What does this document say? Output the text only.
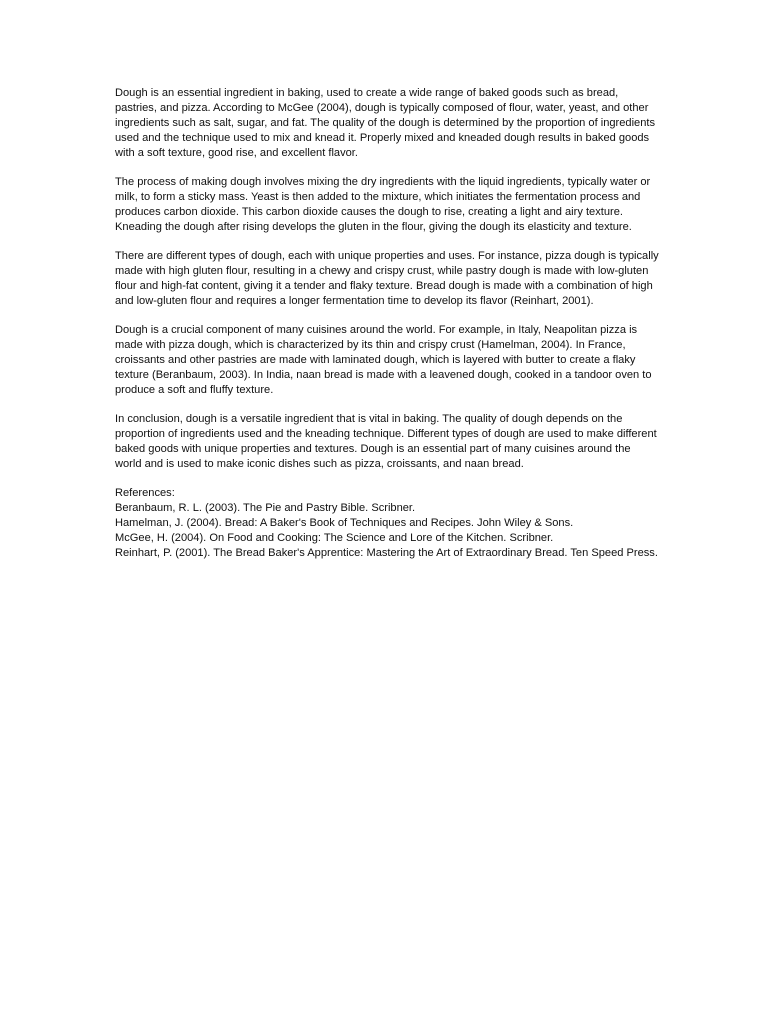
Dough is an essential ingredient in baking, used to create a wide range of baked goods such as bread, pastries, and pizza. According to McGee (2004), dough is typically composed of flour, water, yeast, and other ingredients such as salt, sugar, and fat. The quality of the dough is determined by the proportion of ingredients used and the technique used to mix and knead it. Properly mixed and kneaded dough results in baked goods with a soft texture, good rise, and excellent flavor.

The process of making dough involves mixing the dry ingredients with the liquid ingredients, typically water or milk, to form a sticky mass. Yeast is then added to the mixture, which initiates the fermentation process and produces carbon dioxide. This carbon dioxide causes the dough to rise, creating a light and airy texture. Kneading the dough after rising develops the gluten in the flour, giving the dough its elasticity and texture.

There are different types of dough, each with unique properties and uses. For instance, pizza dough is typically made with high gluten flour, resulting in a chewy and crispy crust, while pastry dough is made with low-gluten flour and high-fat content, giving it a tender and flaky texture. Bread dough is made with a combination of high and low-gluten flour and requires a longer fermentation time to develop its flavor (Reinhart, 2001).

Dough is a crucial component of many cuisines around the world. For example, in Italy, Neapolitan pizza is made with pizza dough, which is characterized by its thin and crispy crust (Hamelman, 2004). In France, croissants and other pastries are made with laminated dough, which is layered with butter to create a flaky texture (Beranbaum, 2003). In India, naan bread is made with a leavened dough, cooked in a tandoor oven to produce a soft and fluffy texture.

In conclusion, dough is a versatile ingredient that is vital in baking. The quality of dough depends on the proportion of ingredients used and the kneading technique. Different types of dough are used to make different baked goods with unique properties and textures. Dough is an essential part of many cuisines around the world and is used to make iconic dishes such as pizza, croissants, and naan bread.

References:

Beranbaum, R. L. (2003). The Pie and Pastry Bible. Scribner.

Hamelman, J. (2004). Bread: A Baker's Book of Techniques and Recipes. John Wiley & Sons.

McGee, H. (2004). On Food and Cooking: The Science and Lore of the Kitchen. Scribner.

Reinhart, P. (2001). The Bread Baker's Apprentice: Mastering the Art of Extraordinary Bread. Ten Speed Press.
